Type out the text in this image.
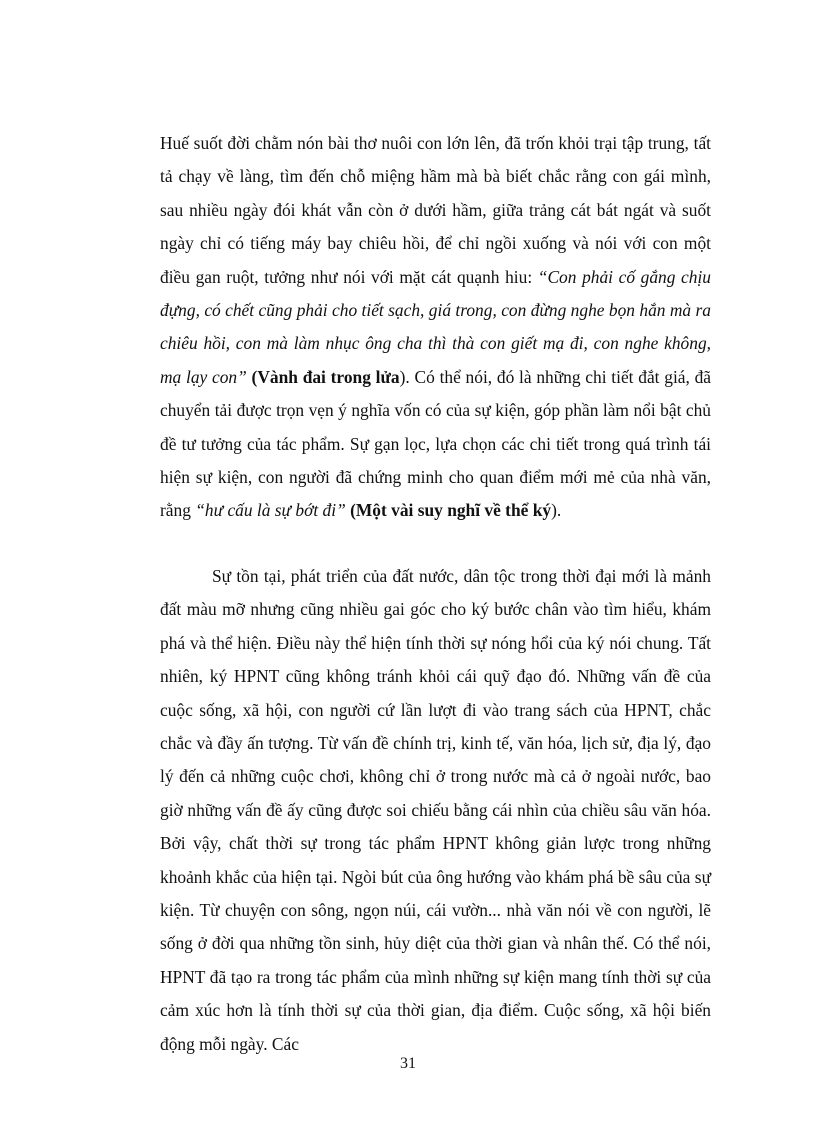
Huế suốt đời chằm nón bài thơ nuôi con lớn lên, đã trốn khỏi trại tập trung, tất tả chạy về làng, tìm đến chỗ miệng hầm mà bà biết chắc rằng con gái mình, sau nhiều ngày đói khát vẫn còn ở dưới hầm, giữa trảng cát bát ngát và suốt ngày chỉ có tiếng máy bay chiêu hồi, để chỉ ngồi xuống và nói với con một điều gan ruột, tưởng như nói với mặt cát quạnh hiu: “Con phải cố gắng chịu đựng, có chết cũng phải cho tiết sạch, giá trong, con đừng nghe bọn hắn mà ra chiêu hồi, con mà làm nhục ông cha thì thà con giết mạ đi, con nghe không, mạ lạy con” (Vành đai trong lửa). Có thể nói, đó là những chi tiết đắt giá, đã chuyển tải được trọn vẹn ý nghĩa vốn có của sự kiện, góp phần làm nổi bật chủ đề tư tưởng của tác phẩm. Sự gạn lọc, lựa chọn các chi tiết trong quá trình tái hiện sự kiện, con người đã chứng minh cho quan điểm mới mẻ của nhà văn, rằng “hư cấu là sự bớt đi” (Một vài suy nghĩ về thể ký).

Sự tồn tại, phát triển của đất nước, dân tộc trong thời đại mới là mảnh đất màu mỡ nhưng cũng nhiều gai góc cho ký bước chân vào tìm hiểu, khám phá và thể hiện. Điều này thể hiện tính thời sự nóng hổi của ký nói chung. Tất nhiên, ký HPNT cũng không tránh khỏi cái quỹ đạo đó. Những vấn đề của cuộc sống, xã hội, con người cứ lần lượt đi vào trang sách của HPNT, chắc chắc và đầy ấn tượng. Từ vấn đề chính trị, kinh tế, văn hóa, lịch sử, địa lý, đạo lý đến cả những cuộc chơi, không chỉ ở trong nước mà cả ở ngoài nước, bao giờ những vấn đề ấy cũng được soi chiếu bằng cái nhìn của chiều sâu văn hóa. Bởi vậy, chất thời sự trong tác phẩm HPNT không giản lược trong những khoảnh khắc của hiện tại. Ngòi bút của ông hướng vào khám phá bề sâu của sự kiện. Từ chuyện con sông, ngọn núi, cái vườn... nhà văn nói về con người, lẽ sống ở đời qua những tồn sinh, hủy diệt của thời gian và nhân thế. Có thể nói, HPNT đã tạo ra trong tác phẩm của mình những sự kiện mang tính thời sự của cảm xúc hơn là tính thời sự của thời gian, địa điểm. Cuộc sống, xã hội biến động mỗi ngày. Các

31
